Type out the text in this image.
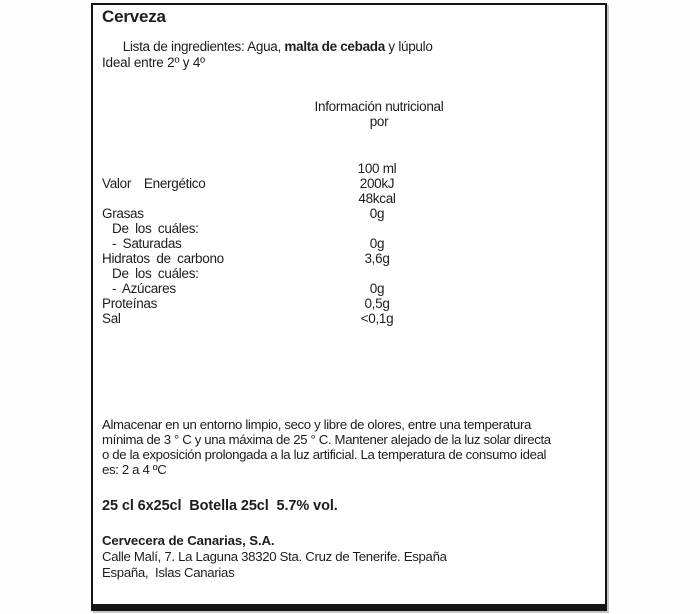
Cerveza

Lista de ingredientes: Agua, malta de cebada y lúpulo

Ideal entre 2º y 4º
Información nutricional
por
100 ml
Valor  Energético	200kJ
48kcal
Grasas	0g
De los cuáles:
- Saturadas	0g
Hidratos de carbono	3,6g
De los cuáles:
- Azúcares	0g
Proteínas	0,5g
Sal	<0,1g
Almacenar en un entorno limpio, seco y libre de olores, entre una temperatura
mínima de 3 ° C y una máxima de 25 ° C. Mantener alejado de la luz solar directa
o de la exposición prolongada a la luz artificial. La temperatura de consumo ideal
es: 2 a 4 ºC
25 cl 6x25cl  Botella 25cl  5.7% vol.
Cervecera de Canarias, S.A.
Calle Malí, 7. La Laguna 38320 Sta. Cruz de Tenerife. España
España,  Islas Canarias
